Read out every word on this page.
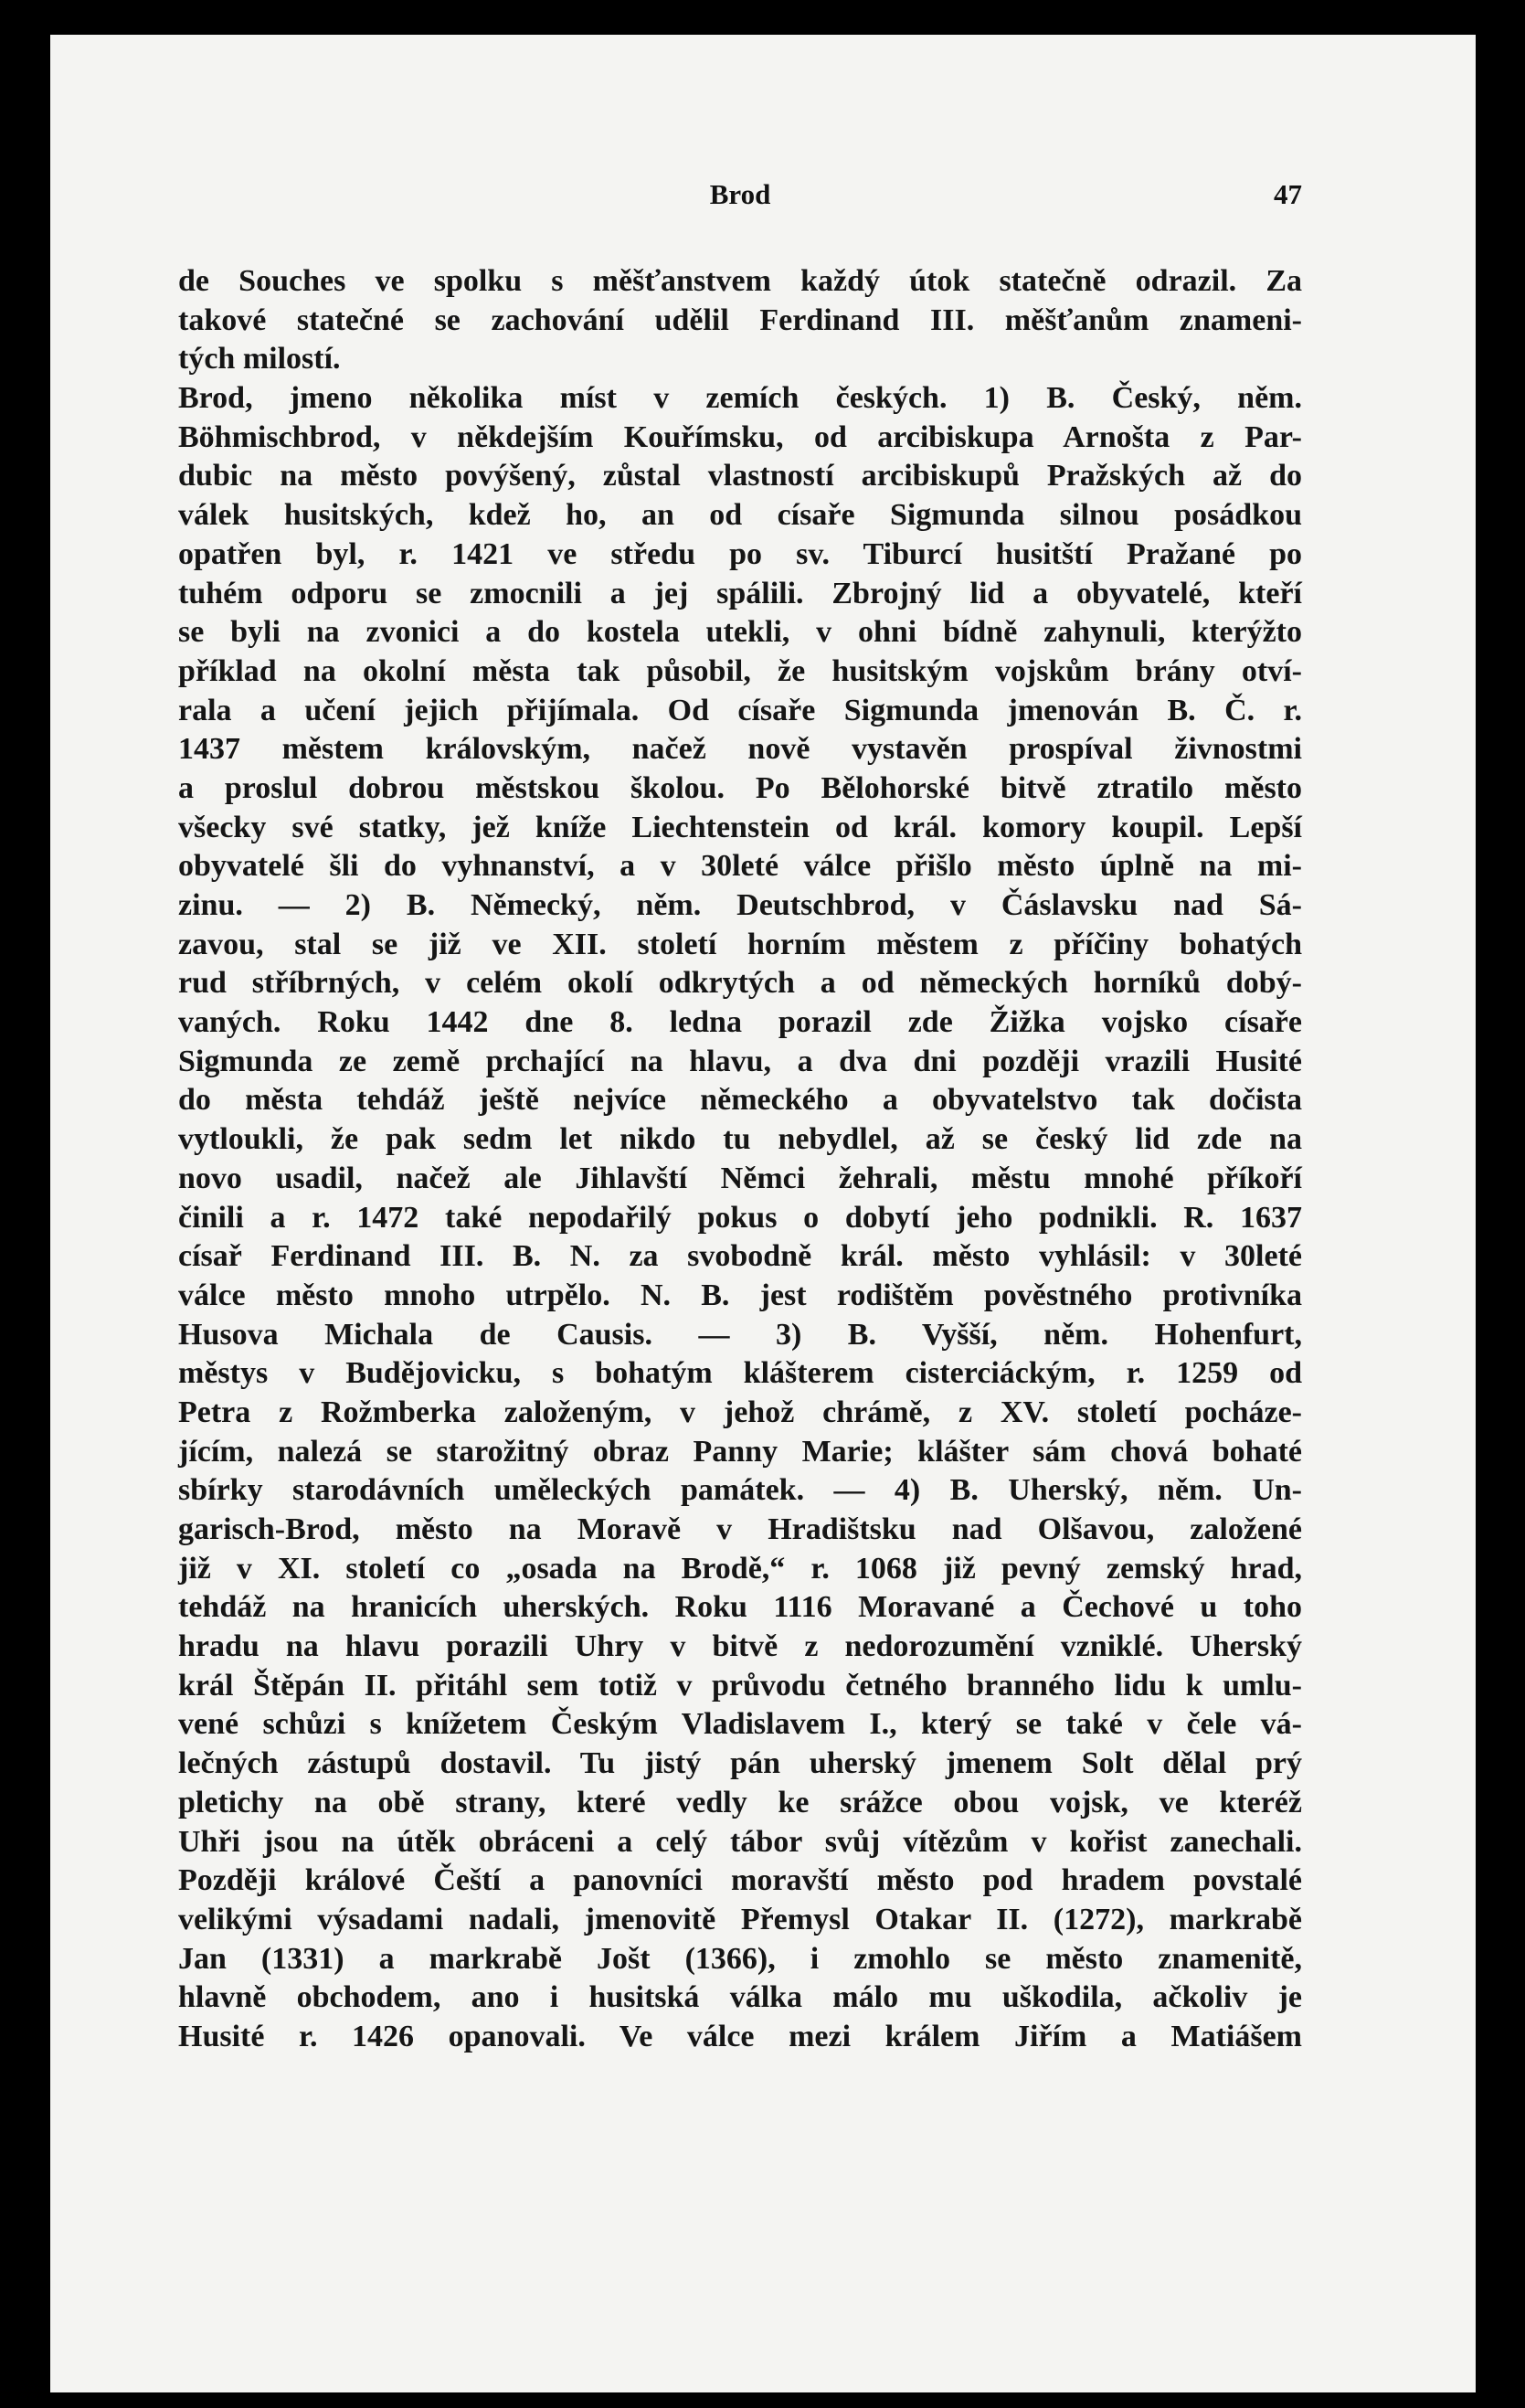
Brod	47
de Souches ve spolku s měšťanstvem každý útok statečně odrazil. Za
takové statečné se zachování udělil Ferdinand III. měšťanům znameni-
tých milostí.
Brod, jmeno několika míst v zemích českých. 1) B. Český, něm.
Böhmischbrod, v někdejším Kouřímsku, od arcibiskupa Arnošta z Par-
dubic na město povýšený, zůstal vlastností arcibiskupů Pražských až do
válek husitských, kdež ho, an od císaře Sigmunda silnou posádkou
opatřen byl, r. 1421 ve středu po sv. Tiburcí husitští Pražané po
tuhém odporu se zmocnili a jej spálili. Zbrojný lid a obyvatelé, kteří
se byli na zvonici a do kostela utekli, v ohni bídně zahynuli, kterýžto
příklad na okolní města tak působil, že husitským vojskům brány otví-
rala a učení jejich přijímala. Od císaře Sigmunda jmenován B. Č. r.
1437 městem královským, načež nově vystavěn prospíval živnostmi
a proslul dobrou městskou školou. Po Bělohorské bitvě ztratilo město
všecky své statky, jež kníže Liechtenstein od král. komory koupil. Lepší
obyvatelé šli do vyhnanství, a v 30leté válce přišlo město úplně na mi-
zinu. — 2) B. Německý, něm. Deutschbrod, v Čáslavsku nad Sá-
zavou, stal se již ve XII. století horním městem z příčiny bohatých
rud stříbrných, v celém okolí odkrytých a od německých horníků dobý-
vaných. Roku 1442 dne 8. ledna porazil zde Žižka vojsko císaře
Sigmunda ze země prchající na hlavu, a dva dni později vrazili Husité
do města tehdáž ještě nejvíce německého a obyvatelstvo tak dočista
vytloukli, že pak sedm let nikdo tu nebydlel, až se český lid zde na
novo usadil, načež ale Jihlavští Němci žehrali, městu mnohé příkoří
činili a r. 1472 také nepodařilý pokus o dobytí jeho podnikli. R. 1637
císař Ferdinand III. B. N. za svobodně král. město vyhlásil: v 30leté
válce město mnoho utrpělo. N. B. jest rodištěm pověstného protivníka
Husova Michala de Causis. — 3) B. Vyšší, něm. Hohenfurt,
městys v Budějovicku, s bohatým klášterem cisterciáckým, r. 1259 od
Petra z Rožmberka založeným, v jehož chrámě, z XV. století pocháze-
jícím, nalezá se starožitný obraz Panny Marie; klášter sám chová bohaté
sbírky starodávních uměleckých památek. — 4) B. Uherský, něm. Un-
garisch-Brod, město na Moravě v Hradištsku nad Olšavou, založené
již v XI. století co „osada na Brodě,“ r. 1068 již pevný zemský hrad,
tehdáž na hranicích uherských. Roku 1116 Moravané a Čechové u toho
hradu na hlavu porazili Uhry v bitvě z nedorozumění vzniklé. Uherský
král Štěpán II. přitáhl sem totiž v průvodu četného branného lidu k umlu-
vené schůzi s knížetem Českým Vladislavem I., který se také v čele vá-
lečných zástupů dostavil. Tu jistý pán uherský jmenem Solt dělal prý
pletichy na obě strany, které vedly ke srážce obou vojsk, ve kteréž
Uhři jsou na útěk obráceni a celý tábor svůj vítězům v kořist zanechali.
Později králové Čeští a panovníci moravští město pod hradem povstalé
velikými výsadami nadali, jmenovitě Přemysl Otakar II. (1272), markrabě
Jan (1331) a markrabě Jošt (1366), i zmohlo se město znamenitě,
hlavně obchodem, ano i husitská válka málo mu uškodila, ačkoliv je
Husité r. 1426 opanovali. Ve válce mezi králem Jiřím a Matiášem
